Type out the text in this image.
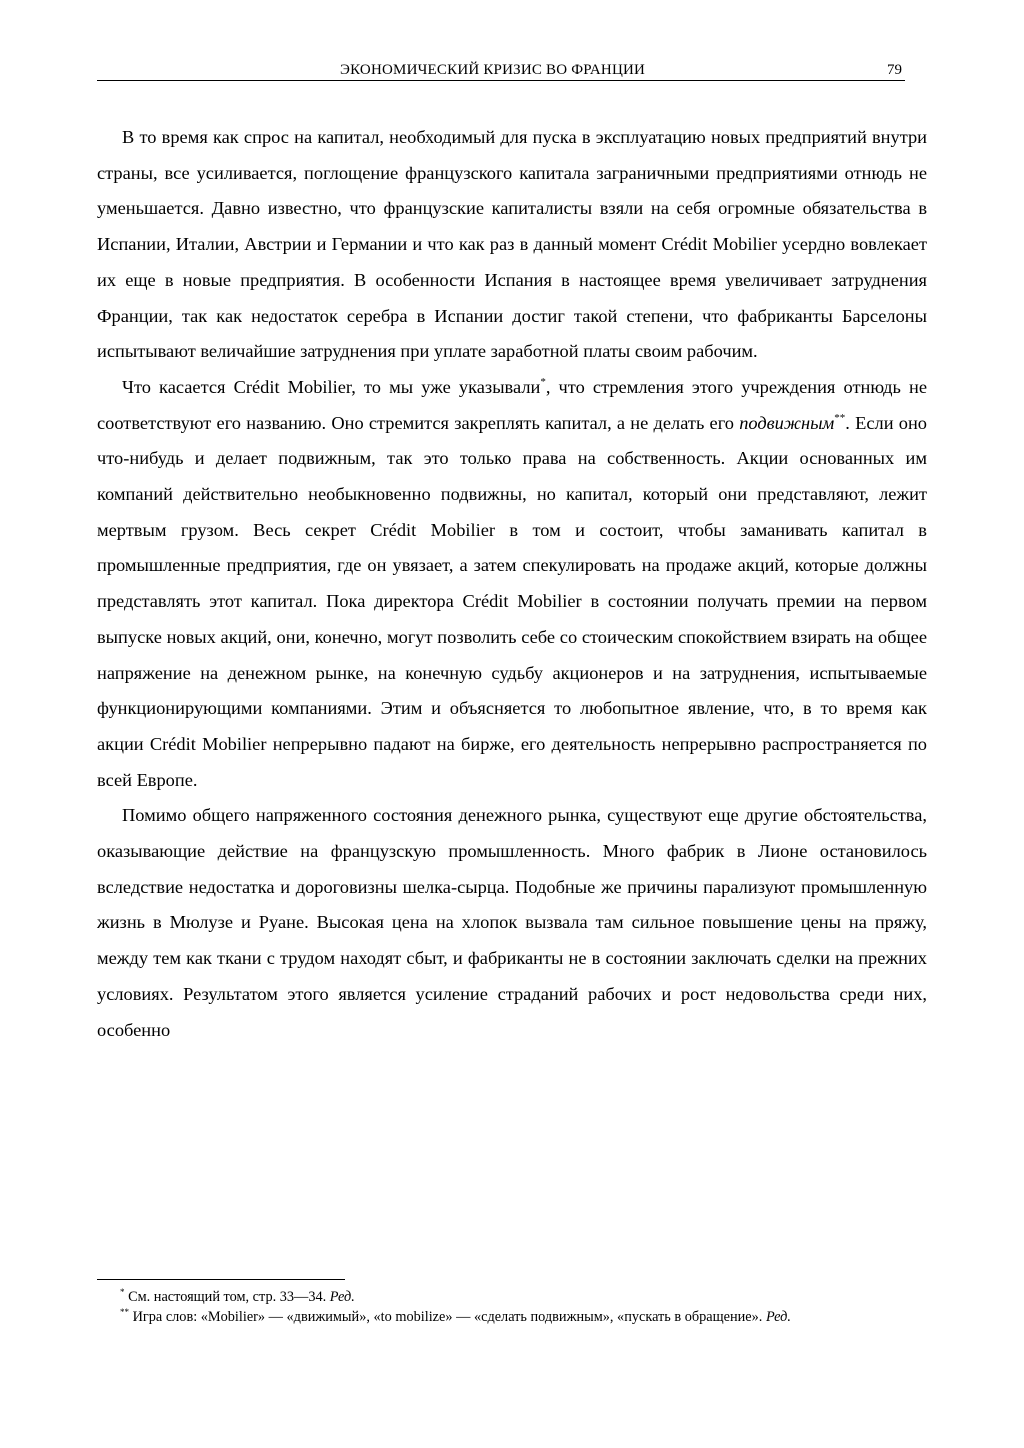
ЭКОНОМИЧЕСКИЙ КРИЗИС ВО ФРАНЦИИ	79

В то время как спрос на капитал, необходимый для пуска в эксплуатацию новых предприятий внутри страны, все усиливается, поглощение французского капитала заграничными предприятиями отнюдь не уменьшается. Давно известно, что французские капиталисты взяли на себя огромные обязательства в Испании, Италии, Австрии и Германии и что как раз в данный момент Crédit Mobilier усердно вовлекает их еще в новые предприятия. В особенности Испания в настоящее время увеличивает затруднения Франции, так как недостаток серебра в Испании достиг такой степени, что фабриканты Барселоны испытывают величайшие затруднения при уплате заработной платы своим рабочим.

Что касается Crédit Mobilier, то мы уже указывали*, что стремления этого учреждения отнюдь не соответствуют его названию. Оно стремится закреплять капитал, а не делать его подвижным**. Если оно что-нибудь и делает подвижным, так это только права на собственность. Акции основанных им компаний действительно необыкновенно подвижны, но капитал, который они представляют, лежит мертвым грузом. Весь секрет Crédit Mobilier в том и состоит, чтобы заманивать капитал в промышленные предприятия, где он увязает, а затем спекулировать на продаже акций, которые должны представлять этот капитал. Пока директора Crédit Mobilier в состоянии получать премии на первом выпуске новых акций, они, конечно, могут позволить себе со стоическим спокойствием взирать на общее напряжение на денежном рынке, на конечную судьбу акционеров и на затруднения, испытываемые функционирующими компаниями. Этим и объясняется то любопытное явление, что, в то время как акции Crédit Mobilier непрерывно падают на бирже, его деятельность непрерывно распространяется по всей Европе.

Помимо общего напряженного состояния денежного рынка, существуют еще другие обстоятельства, оказывающие действие на французскую промышленность. Много фабрик в Лионе остановилось вследствие недостатка и дороговизны шелка-сырца. Подобные же причины парализуют промышленную жизнь в Мюлузе и Руане. Высокая цена на хлопок вызвала там сильное повышение цены на пряжу, между тем как ткани с трудом находят сбыт, и фабриканты не в состоянии заключать сделки на прежних условиях. Результатом этого является усиление страданий рабочих и рост недовольства среди них, особенно

* См. настоящий том, стр. 33—34. Ред.

** Игра слов: «Mobilier» — «движимый», «to mobilize» — «сделать подвижным», «пускать в обращение». Ред.
